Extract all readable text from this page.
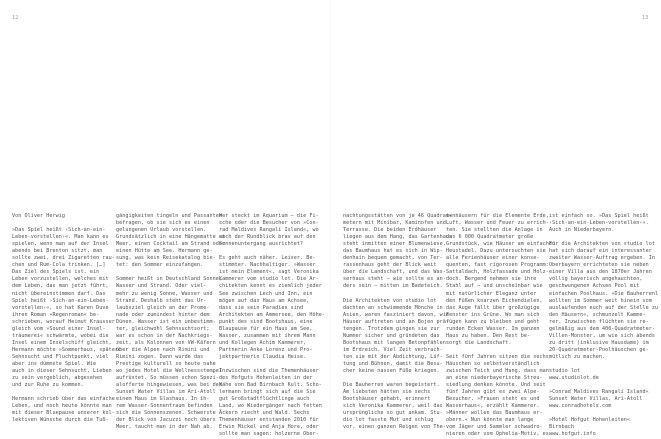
12	13
Von Oliver Herwig

»Das Spiel heißt ›Sich-an-ein-
Leben-vorstellen‹«. Man kann es
spielen, wenn man auf der Insel
abends bei Brenton sitzt, man
sollte zwei, drei Zigaretten rau-
chen und Rum-Cola trinken. […]
Das Ziel des Spiels ist, ein
Leben vorzustellen, welches mit
dem Leben, das man jetzt führt,
nicht übereinstimmen darf. Das
Spiel heißt ›Sich-an-ein-Leben-
vorstellen‹«, so hat Karen Duve
ihren Roman »Regenroman« be-
schrieben, worauf Heimut Krausser
gleich vom »Sound einer Insel-
träumerei« schwärmte, wobei die
Insel einem Inselschiff gleicht,
Hermann möchte »Sommerhaus, später«
Sehnsucht und Fluchtpunkt, viel
aber ins dümmste Spiel. Wie
auch in dieser Sehnsucht, Lieben
zu sein vergeblich, abgesehen
und zur Ruhe zu kommen.

Hermann schrieb über das einfache
Leben, und noch heute könnte man
mit dieser Bluepause unserer kol-
lektiven Wünsche durch die Tuß-
gängigkeiten tingeln und Passanten
befragen, ob sie sich es einen
gelungenen Urlaub vorstellen.
Grundsätzlich in eine Hängematte am
Meer, einen Cocktail am Strand oder
einen Hütte am See. Hermann ge-
sung, was kein Reisekatalog bie-
tet: den Sommer einzufangen.

Sommer heißt in Deutschland Sonne,
Wasser und Strand. Oder viel-
mehr zu wenig Sonne, Wasser und
Strand. Deshalb steht das Ur-
laubsziel gleich an der Prome-
nade oder zumindest hinter dem
Dünen. Wasser ist ein unbestimm-
ter, gleichwohl Sehnsuchtsort;
war es schon in der Nachkriegs-
zeit, als Kolonnen von VW-Käfern
über die Alpen nach Rimini und
Rimini zogen. Dann wurde das
Prestige kulturell so heute nahe
wo jedes Hotel die Wellnessstempel
aufrüstet. So müssen schon Spezi-
alofferte hingewiesen, was bei der
Sunset Water Villas im Ari-Atoll
einem Haus im Glashaus. In ih-
rem Wasser-Sonnentraum befinden
sich die Sonnenszenen. Schwerste
der Blick von Jacuzzi noch übers
Meer, taucht man in der Nah ab.
Wer steckt im Aquarium – die Fi-
sche oder die Besucher von »Con-
rad Maldives Rangali Island«, wo
sich der Rundblick brav auf den
Sonnenuntergang ausrichtet?

Es geht auch näher. Leiser. Be-
stimmter. Nachhaltiger. »Wasser
ist mein Element«, sagt Veronika
Kammerer vom studio lot. Die Ar-
chitekten kennt es ziemlich jeder
See zwischen Lech und Inn, ein
mögen auf das Haus am Achsee,
dass sie sein Paradies sind
Architekten am Ammersee, den Höhe-
punkt des sind Bootshaus, eine
Blaupause für ein Haus am See,
Wasser, zusammen mit ihrem Mann
und Kollegen Achim Kammerer,
Partnerin Anke Lorenz und Pro-
jektpartnerin Claudia Heise.

Inzwischen sind die Themenhäuser
des Hofguts Hohenleiten in der
Nähe von Bad Birnbach Kult. Scho-
lermann bringt sich auf die Sie
gut Großstadtflüchtlinge auch
Land, wo Wiedergänger nach fetten
Äckern riecht und Wald. Sechs
Themenhäuser entstanden 2010 für
Erwin Mickel und Anja Hore, oder
sollte man sagen: holzerne Ober-
nachtungsstätten von je 46 Quadrat-
metern mit Minibar, Kaminofen und
Terrasse. Die beiden Erdhäuser
liegen aus dem Hang, das Gartenhaus
steht inmitten einer Blumenwiese,
das Baumhaus hat es sich in Wip-
denhain bequem gemacht, von Ter-
rassenhaus geht der Blick weit
über die Landschaft, und das Was-
serhaus steht – wie sollte es an-
ders sein – mitten im Badeteich.

Die Architekten von studio lot
dachten an schwimmende Mönche in
Asien, waren fasziniert davon, wie
Häuser auftreten und an Bojen prä-
tengen. Trotzdem gingen sie zur
Nummer sicher und gründeten das
Bootshaus mit langen Betonpfählen
im Erdreich. Viel Zeit verbrach-
ten sie mit der Abdichtung, Lüf-
tung und Bühnen, damit die Besu-
cher keine nassen Füße kriegen.

Die Bauherren waren begeistert.
Am liebsten hätten sie sechs
Bootshäuser gehabt, erinnert
sich Veronika Kammerer, weil das
ursprüngliche so gut ankam. Stu-
dio lot fasste Mut und schlug
vor, einen ganzen Reigen von The-
menhäusern für die Elemente Erde,
Luft, Wasser und Feuer zu errich-
ten. Sie stellten die Anlage in
das 6 000 Quadratmeter große
Grundstück, wie Häuser am einfachen
Heustadel. Dazu untersuchten sie
alle Ferienhäuser einer konse-
quenten, fast rigorosen Programm:
Sattaldach, Holzfassade und Holz-
doch. Bergend nehmen sie ihre
Stahl auf – und unscheinbar wie
mit natürlicher Eleganz unter
den Füßen knarzen Eichendielen,
das Auge fällt über großzügige
Fenster ins Grüne. Wo man sich
fügen kann zu bleiben und geht
runden Ecken Wasser. Im ganzen
Haus zu haben. Den Rest be-
sorgt die Landschaft.

Seit fünf Jahren sitzen die sechs
Häuschen so selbstverständlich
zwischen Teich und Hang, dass man
an eine niederbayerische Streu-
siedlung denken könnte. Und seit
fünf Jahren gibt es zwei Alpe-
Besucher. »Frauen steht es und
Wasserhaus«, erzählt Kammerer.
»Männer wollen das Baumhaus er-
obern.« Nun könnte man lange
vom Jäger und Sammler schwadro-
nieren oder vom Ophelia-Motiv, es
ist einfach so. »Das Spiel heißt
›Sich-an-ein-Leben-vorstellen‹«.
Auch in Niederbayern.

Für die Architekten von studio lot
hat sich darauf ein interessanter
zweiter Wasser-Auftrag ergeben. In
Oberbayern errichteten sie neben
einer Villa aus den 1870er Jahren
völlig bayerisch angehauchten,
geschwungenen Achsen Pool mit
einfachen Poolhaus. »Die Bauherrenl
wollten im Sommer weit hinein vom
auslaufenden euch auf der Stelle zu
den Häusern«, schmunzelt Kamme-
rer. Inzwischen flüchten sie re-
gelmäßig aus dem 400-Quadratmeter-
Villen-Monster, um wie sich abends
zu dritt (inklusive Hausdame) im
20-Quadratmeter-Poolhäuschen ge-
mütlich zu machen.

studio lot
www.studiolot.de

»Conrad Maldives Rangali Island«
Sunset Water Villas, Ari-Atoll
www.conradhotels.com

»Hotel Hofgut Hohenleiten«
Birnbach
www.hofgut.info
